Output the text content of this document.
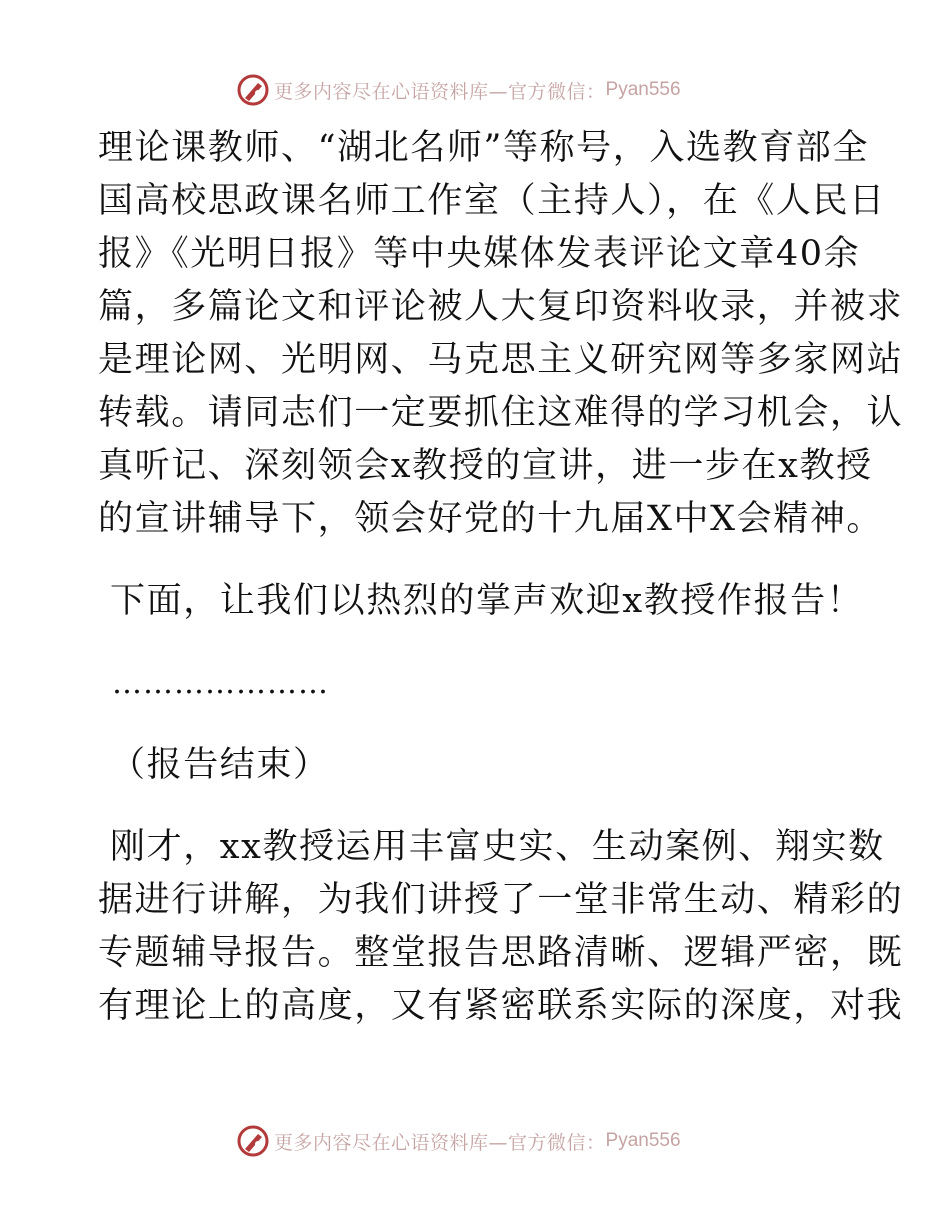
更多内容尽在心语资料库—官方微信： Pyan556
理论课教师、“湖北名师”等称号，入选教育部全
国高校思政课名师工作室（主持人），在《人民日
报》《光明日报》等中央媒体发表评论文章40余
篇，多篇论文和评论被人大复印资料收录，并被求
是理论网、光明网、马克思主义研究网等多家网站
转载。请同志们一定要抓住这难得的学习机会，认
真听记、深刻领会x教授的宣讲，进一步在x教授
的宣讲辅导下，领会好党的十九届X中X会精神。
下面，让我们以热烈的掌声欢迎x教授作报告！
…………………
（报告结束）
刚才，xx教授运用丰富史实、生动案例、翔实数
据进行讲解，为我们讲授了一堂非常生动、精彩的
专题辅导报告。整堂报告思路清晰、逻辑严密，既
有理论上的高度，又有紧密联系实际的深度，对我
更多内容尽在心语资料库—官方微信： Pyan556
